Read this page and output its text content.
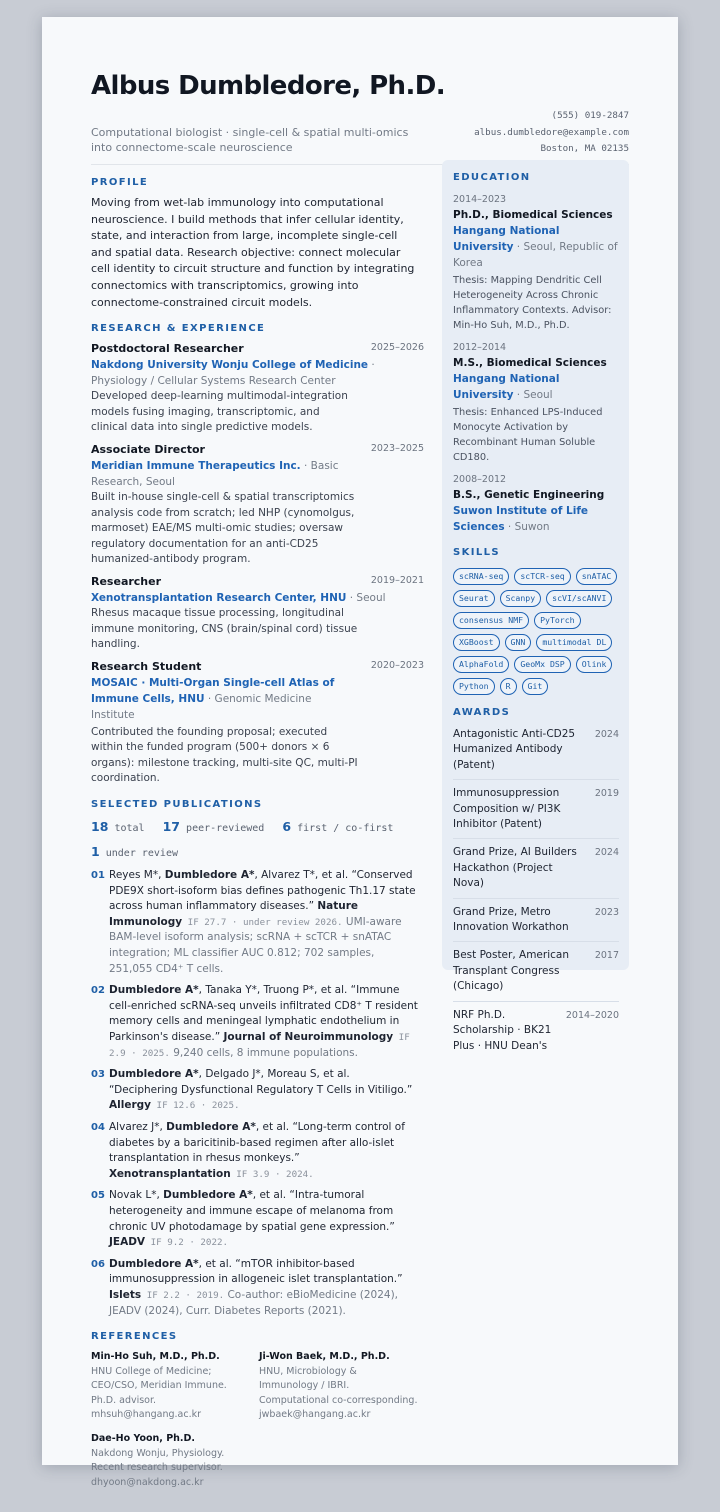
Albus Dumbledore, Ph.D.
Computational biologist · single-cell & spatial multi-omics into connectome-scale neuroscience
(555) 019-2847
albus.dumbledore@example.com
Boston, MA 02135
PROFILE
Moving from wet-lab immunology into computational neuroscience. I build methods that infer cellular identity, state, and interaction from large, incomplete single-cell and spatial data. Research objective: connect molecular cell identity to circuit structure and function by integrating connectomics with transcriptomics, growing into connectome-constrained circuit models.
RESEARCH & EXPERIENCE
Postdoctoral Researcher	2025–2026
Nakdong University Wonju College of Medicine · Physiology / Cellular Systems Research Center
Developed deep-learning multimodal-integration models fusing imaging, transcriptomic, and clinical data into single predictive models.
Associate Director	2023–2025
Meridian Immune Therapeutics Inc. · Basic Research, Seoul
Built in-house single-cell & spatial transcriptomics analysis code from scratch; led NHP (cynomolgus, marmoset) EAE/MS multi-omic studies; oversaw regulatory documentation for an anti-CD25 humanized-antibody program.
Researcher	2019–2021
Xenotransplantation Research Center, HNU · Seoul
Rhesus macaque tissue processing, longitudinal immune monitoring, CNS (brain/spinal cord) tissue handling.
Research Student	2020–2023
MOSAIC · Multi-Organ Single-cell Atlas of Immune Cells, HNU · Genomic Medicine Institute
Contributed the founding proposal; executed within the funded program (500+ donors × 6 organs): milestone tracking, multi-site QC, multi-PI coordination.
SELECTED PUBLICATIONS
18 total 17 peer-reviewed 6 first / co-first
1 under review
01 Reyes M*, Dumbledore A*, Alvarez T*, et al. “Conserved PDE9X short-isoform bias defines pathogenic Th1.17 state across human inflammatory diseases.” Nature Immunology IF 27.7 · under review 2026. UMI-aware BAM-level isoform analysis; scRNA + scTCR + snATAC integration; ML classifier AUC 0.812; 702 samples, 251,055 CD4⁺ T cells.
02 Dumbledore A*, Tanaka Y*, Truong P*, et al. “Immune cell-enriched scRNA-seq unveils infiltrated CD8⁺ T resident memory cells and meningeal lymphatic endothelium in Parkinson's disease.” Journal of Neuroimmunology IF 2.9 · 2025. 9,240 cells, 8 immune populations.
03 Dumbledore A*, Delgado J*, Moreau S, et al. “Deciphering Dysfunctional Regulatory T Cells in Vitiligo.” Allergy IF 12.6 · 2025.
04 Alvarez J*, Dumbledore A*, et al. “Long-term control of diabetes by a baricitinib-based regimen after allo-islet transplantation in rhesus monkeys.” Xenotransplantation IF 3.9 · 2024.
05 Novak L*, Dumbledore A*, et al. “Intra-tumoral heterogeneity and immune escape of melanoma from chronic UV photodamage by spatial gene expression.” JEADV IF 9.2 · 2022.
06 Dumbledore A*, et al. “mTOR inhibitor-based immunosuppression in allogeneic islet transplantation.” Islets IF 2.2 · 2019. Co-author: eBioMedicine (2024), JEADV (2024), Curr. Diabetes Reports (2021).
REFERENCES
Min-Ho Suh, M.D., Ph.D.
HNU College of Medicine; CEO/CSO, Meridian Immune. Ph.D. advisor.
mhsuh@hangang.ac.kr
Ji-Won Baek, M.D., Ph.D.
HNU, Microbiology & Immunology / IBRI. Computational co-corresponding.
jwbaek@hangang.ac.kr
Dae-Ho Yoon, Ph.D.
Nakdong Wonju, Physiology. Recent research supervisor.
dhyoon@nakdong.ac.kr
EDUCATION
2014–2023
Ph.D., Biomedical Sciences
Hangang National University · Seoul, Republic of Korea
Thesis: Mapping Dendritic Cell Heterogeneity Across Chronic Inflammatory Contexts. Advisor: Min-Ho Suh, M.D., Ph.D.
2012–2014
M.S., Biomedical Sciences
Hangang National University · Seoul
Thesis: Enhanced LPS-Induced Monocyte Activation by Recombinant Human Soluble CD180.
2008–2012
B.S., Genetic Engineering
Suwon Institute of Life Sciences · Suwon
SKILLS
scRNA-seq	scTCR-seq	snATAC
Seurat	Scanpy	scVI/scANVI
consensus NMF	PyTorch
XGBoost	GNN	multimodal DL
AlphaFold	GeoMx DSP	Olink
Python	R	Git
AWARDS
Antagonistic Anti-CD25 Humanized Antibody (Patent)
2024
Immunosuppression Composition w/ PI3K Inhibitor (Patent)
2019
Grand Prize, AI Builders Hackathon (Project Nova)
2024
Grand Prize, Metro Innovation Workathon
2023
Best Poster, American Transplant Congress (Chicago)
2017
NRF Ph.D. Scholarship · BK21 Plus · HNU Dean's
2014–2020
